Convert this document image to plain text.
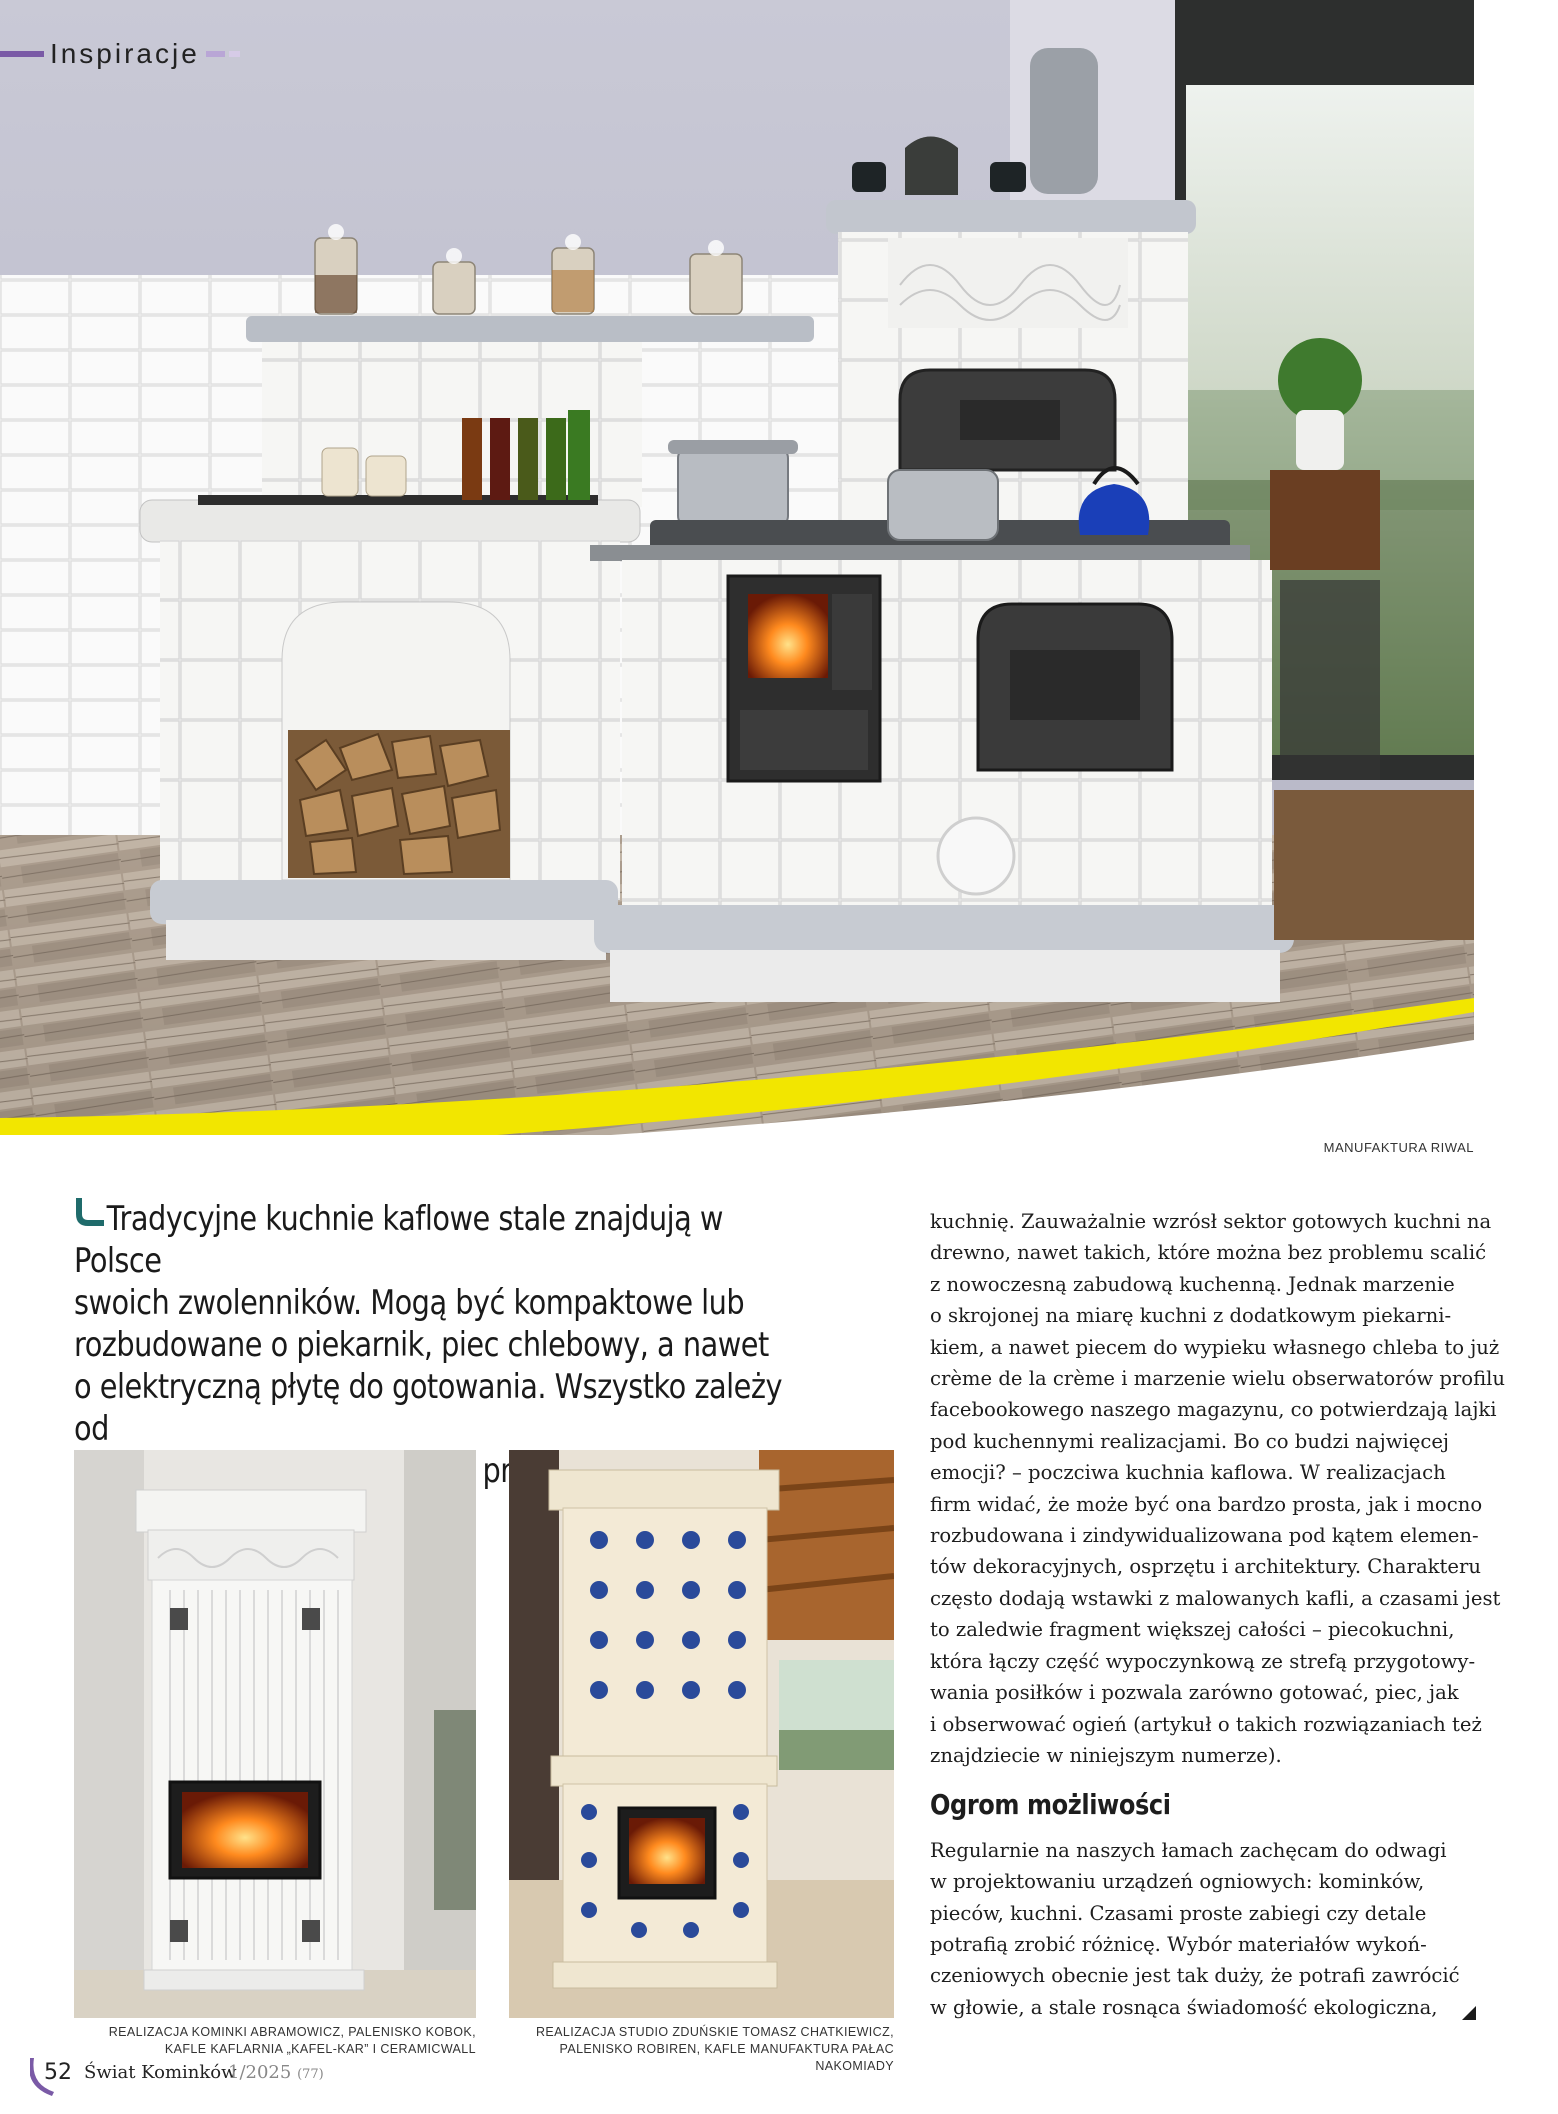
Inspiracje
MANUFAKTURA RIWAL
Tradycyjne kuchnie kaflowe stale znajdują w Polsce
swoich zwolenników. Mogą być kompaktowe lub
rozbudowane o piekarnik, piec chlebowy, a nawet
o elektryczną płytę do gotowania. Wszystko zależy od

REALIZACJA KOMINKI ABRAMOWICZ, PALENISKO KOBOK,
KAFLE KAFLARNIA „KAFEL-KAR” I CERAMICWALL
REALIZACJA STUDIO ZDUŃSKIE TOMASZ CHATKIEWICZ,
PALENISKO ROBIREN, KAFLE MANUFAKTURA PAŁAC NAKOMIADY

kuchnię. Zauważalnie wzrósł sektor gotowych kuchni na
drewno, nawet takich, które można bez problemu scalić
z nowoczesną zabudową kuchenną. Jednak marzenie
o skrojonej na miarę kuchni z dodatkowym piekarni-
kiem, a nawet piecem do wypieku własnego chleba to już
crème de la crème i marzenie wielu obserwatorów profilu
facebookowego naszego magazynu, co potwierdzają lajki
pod kuchennymi realizacjami. Bo co budzi najwięcej
emocji? – poczciwa kuchnia kaflowa. W realizacjach
firm widać, że może być ona bardzo prosta, jak i mocno
rozbudowana i zindywidualizowana pod kątem elemen-
tów dekoracyjnych, osprzętu i architektury. Charakteru
często dodają wstawki z malowanych kafli, a czasami jest
to zaledwie fragment większej całości – piecokuchni,
która łączy część wypoczynkową ze strefą przygotowy-
wania posiłków i pozwala zarówno gotować, piec, jak
i obserwować ogień (artykuł o takich rozwiązaniach też
znajdziecie w niniejszym numerze).

Ogrom możliwości

Regularnie na naszych łamach zachęcam do odwagi
w projektowaniu urządzeń ogniowych: kominków,
pieców, kuchni. Czasami proste zabiegi czy detale
potrafią zrobić różnicę. Wybór materiałów wykoń-
czeniowych obecnie jest tak duży, że potrafi zawrócić
w głowie, a stale rosnąca świadomość ekologiczna,

52 Świat Kominków
1/2025 (77)
